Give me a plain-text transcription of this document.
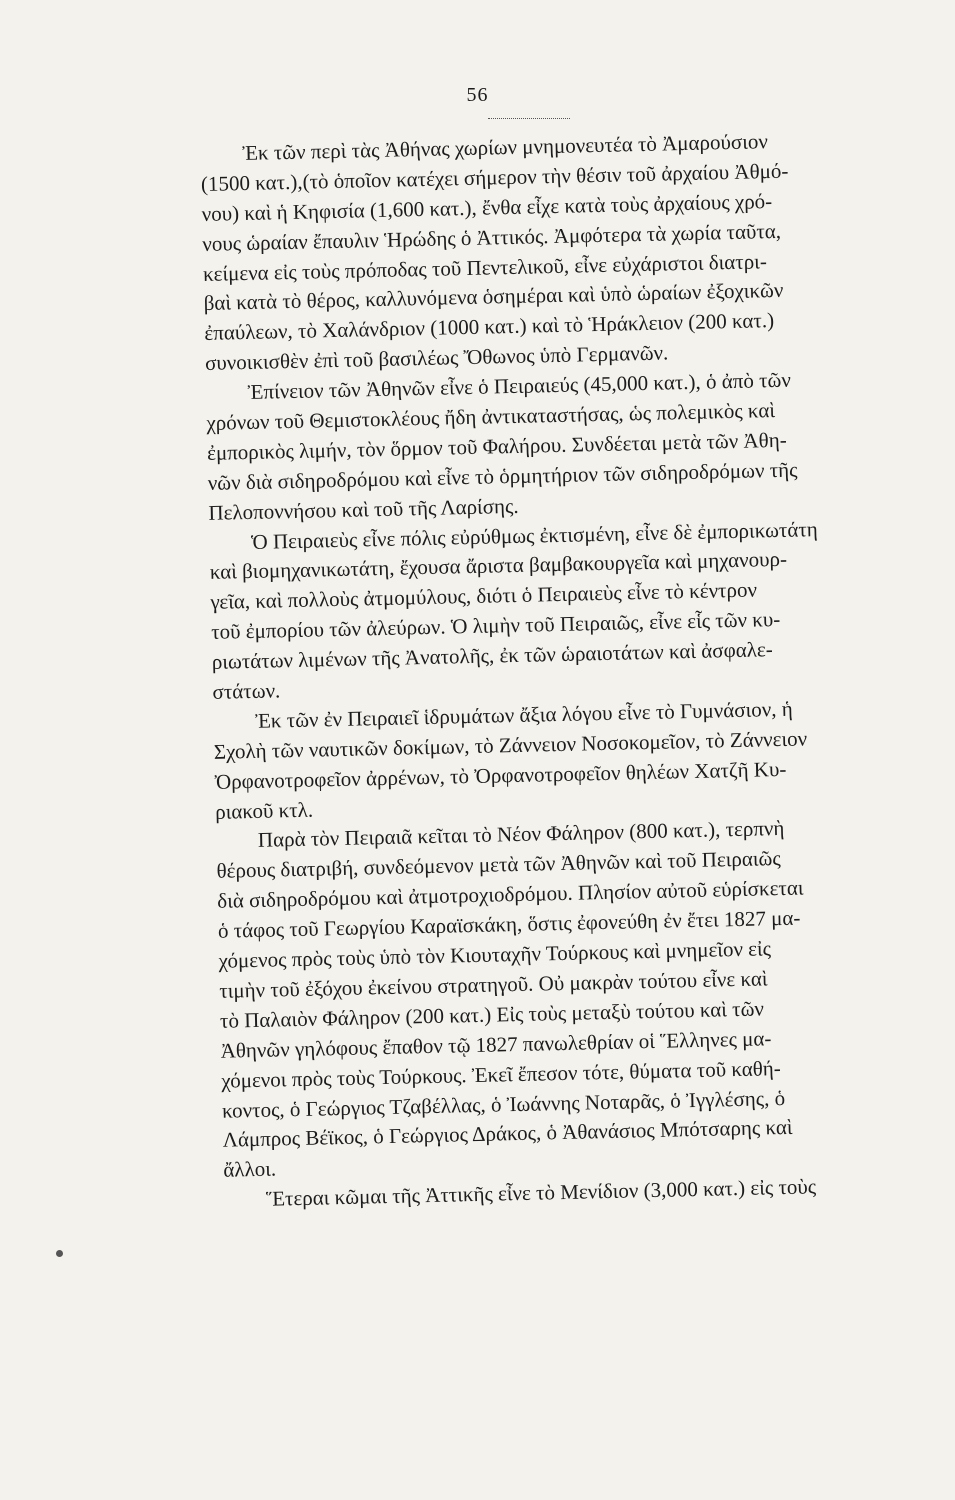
56
Ἐκ τῶν περὶ τὰς Ἀθήνας χωρίων μνημονευτέα τὸ Ἀμαρούσιον
(1500 κατ.),(τὸ ὁποῖον κατέχει σήμερον τὴν θέσιν τοῦ ἀρχαίου Ἀθμό-
νου) καὶ ἡ Κηφισία (1,600 κατ.), ἔνθα εἶχε κατὰ τοὺς ἀρχαίους χρό-
νους ὡραίαν ἔπαυλιν Ἡρώδης ὁ Ἀττικός. Ἀμφότερα τὰ χωρία ταῦτα,
κείμενα εἰς τοὺς πρόποδας τοῦ Πεντελικοῦ, εἶνε εὐχάριστοι διατρι-
βαὶ κατὰ τὸ θέρος, καλλυνόμενα ὁσημέραι καὶ ὑπὸ ὡραίων ἐξοχικῶν
ἐπαύλεων, τὸ Χαλάνδριον (1000 κατ.) καὶ τὸ Ἡράκλειον (200 κατ.)
συνοικισθὲν ἐπὶ τοῦ βασιλέως Ὄθωνος ὑπὸ Γερμανῶν.
Ἐπίνειον τῶν Ἀθηνῶν εἶνε ὁ Πειραιεύς (45,000 κατ.), ὁ ἀπὸ τῶν
χρόνων τοῦ Θεμιστοκλέους ἤδη ἀντικαταστήσας, ὡς πολεμικὸς καὶ
ἐμπορικὸς λιμήν, τὸν ὅρμον τοῦ Φαλήρου. Συνδέεται μετὰ τῶν Ἀθη-
νῶν διὰ σιδηροδρόμου καὶ εἶνε τὸ ὁρμητήριον τῶν σιδηροδρόμων τῆς
Πελοποννήσου καὶ τοῦ τῆς Λαρίσης.
Ὁ Πειραιεὺς εἶνε πόλις εὐρύθμως ἐκτισμένη, εἶνε δὲ ἐμπορικωτάτη
καὶ βιομηχανικωτάτη, ἔχουσα ἄριστα βαμβακουργεῖα καὶ μηχανουρ-
γεῖα, καὶ πολλοὺς ἀτμομύλους, διότι ὁ Πειραιεὺς εἶνε τὸ κέντρον
τοῦ ἐμπορίου τῶν ἀλεύρων. Ὁ λιμὴν τοῦ Πειραιῶς, εἶνε εἷς τῶν κυ-
ριωτάτων λιμένων τῆς Ἀνατολῆς, ἐκ τῶν ὡραιοτάτων καὶ ἀσφαλε-
στάτων.
Ἐκ τῶν ἐν Πειραιεῖ ἱδρυμάτων ἄξια λόγου εἶνε τὸ Γυμνάσιον, ἡ
Σχολὴ τῶν ναυτικῶν δοκίμων, τὸ Ζάννειον Νοσοκομεῖον, τὸ Ζάννειον
Ὀρφανοτροφεῖον ἀρρένων, τὸ Ὀρφανοτροφεῖον θηλέων Χατζῆ Κυ-
ριακοῦ κτλ.
Παρὰ τὸν Πειραιᾶ κεῖται τὸ Νέον Φάληρον (800 κατ.), τερπνὴ
θέρους διατριβή, συνδεόμενον μετὰ τῶν Ἀθηνῶν καὶ τοῦ Πειραιῶς
διὰ σιδηροδρόμου καὶ ἀτμοτροχιοδρόμου. Πλησίον αὐτοῦ εὑρίσκεται
ὁ τάφος τοῦ Γεωργίου Καραϊσκάκη, ὅστις ἐφονεύθη ἐν ἔτει 1827 μα-
χόμενος πρὸς τοὺς ὑπὸ τὸν Κιουταχῆν Τούρκους καὶ μνημεῖον εἰς
τιμὴν τοῦ ἐξόχου ἐκείνου στρατηγοῦ. Οὐ μακρὰν τούτου εἶνε καὶ
τὸ Παλαιὸν Φάληρον (200 κατ.) Εἰς τοὺς μεταξὺ τούτου καὶ τῶν
Ἀθηνῶν γηλόφους ἔπαθον τῷ 1827 πανωλεθρίαν οἱ Ἕλληνες μα-
χόμενοι πρὸς τοὺς Τούρκους. Ἐκεῖ ἔπεσον τότε, θύματα τοῦ καθή-
κοντος, ὁ Γεώργιος Τζαβέλλας, ὁ Ἰωάννης Νοταρᾶς, ὁ Ἰγγλέσης, ὁ
Λάμπρος Βέϊκος, ὁ Γεώργιος Δράκος, ὁ Ἀθανάσιος Μπότσαρης καὶ
ἄλλοι.
Ἕτεραι κῶμαι τῆς Ἀττικῆς εἶνε τὸ Μενίδιον (3,000 κατ.) εἰς τοὺς
